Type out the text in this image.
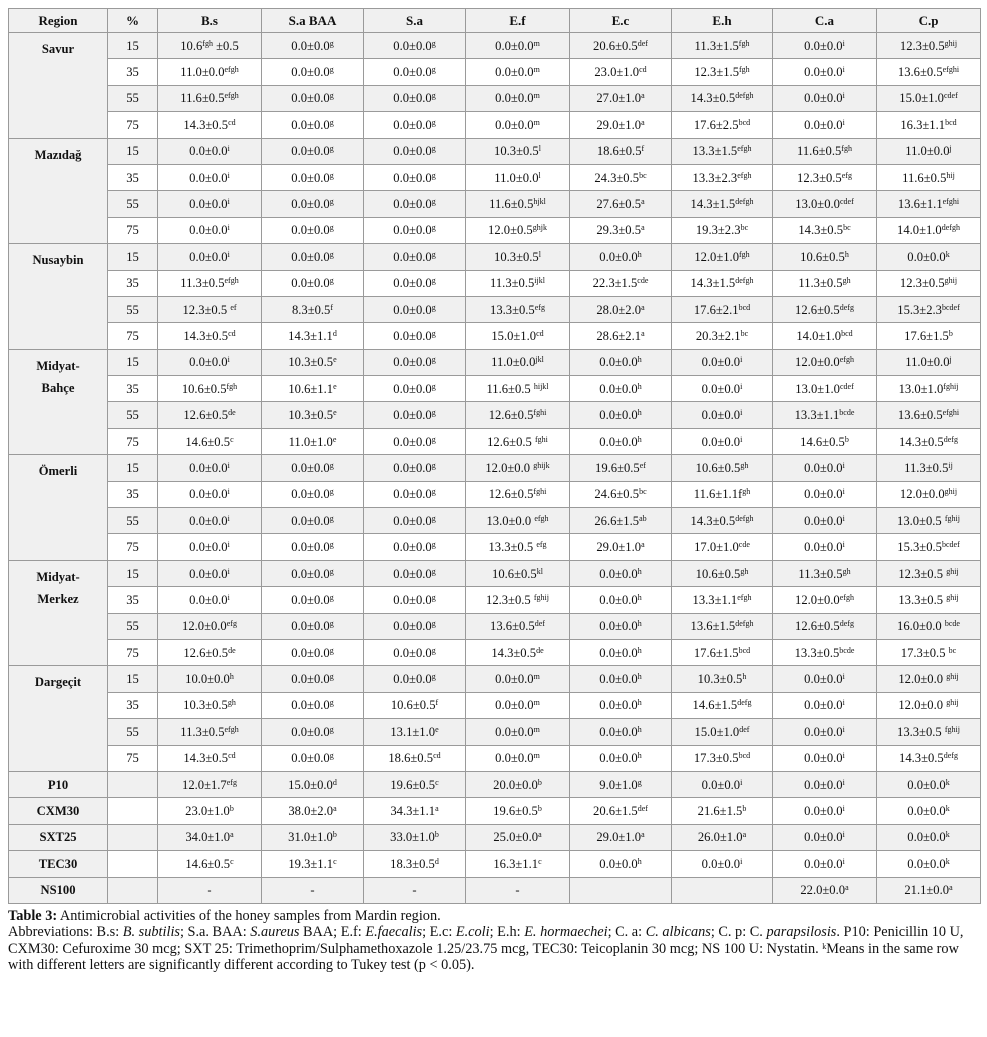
Region	%	B.s	S.a BAA	S.a	E.f	E.c	E.h	C.a	C.p
Savur	15	10.6$^{fgh}$ ±0.5	0.0±0.0$^g$	0.0±0.0$^g$	$0.0\pm 0.0^m$	20.6±0.5$^{def}$	11.3±1.5$^{fgh}$	$0.0\pm 0.0^i$	$12.3\pm 0.5^{ghij}$
	35	$11.0\pm 0.0^{efgh}$	0.0±0.0$^g$	0.0±0.0$^g$	$0.0\pm 0.0^m$	23.0±1.0$^{cd}$	12.3±1.5$^{fgh}$	$0.0\pm 0.0^i$	$13.6\pm 0.5^{efghi}$
	55	$11.6\pm 0.5^{efgh}$	0.0±0.0$^g$	0.0±0.0$^g$	$0.0\pm 0.0^m$	27.0±1.0$^a$	$14.3\pm 0.5^{defgh}$	$0.0\pm 0.0^i$	$15.0\pm 1.0^{cdef}$
	75	14.3±0.5$^{cd}$	0.0±0.0$^g$	0.0±0.0$^g$	$0.0\pm 0.0^m$	29.0±1.0$^a$	17.6±2.5$^{bcd}$	$0.0\pm 0.0^i$	16.3±1.1$^{bcd}$
Mazıdağ	15	$0.0\pm 0.0^i$	0.0±0.0$^g$	0.0±0.0$^g$	$10.3\pm 0.5^l$	18.6±0.5$^f$	$13.3\pm 1.5^{efgh}$	11.6±0.5$^{fgh}$	$11.0\pm 0.0^j$
	35	$0.0\pm 0.0^i$	0.0±0.0$^g$	0.0±0.0$^g$	$11.0\pm 0.0^l$	24.3±0.5$^{bc}$	$13.3\pm 2.3^{efgh}$	12.3±0.5$^{efg}$	$11.6\pm 0.5^{hij}$
	55	$0.0\pm 0.0^i$	0.0±0.0$^g$	0.0±0.0$^g$	$11.6\pm 0.5^{hjkl}$	27.6±0.5$^a$	$14.3\pm 1.5^{defgh}$	$13.0\pm 0.0^{cdef}$	$13.6\pm 1.1^{efghi}$
	75	$0.0\pm 0.0^i$	0.0±0.0$^g$	0.0±0.0$^g$	$12.0\pm 0.5^{ghjk}$	29.3±0.5$^a$	19.3±2.3$^{bc}$	14.3±0.5$^{bc}$	$14.0\pm 1.0^{defgh}$
Nusaybin	15	$0.0\pm 0.0^i$	0.0±0.0$^g$	0.0±0.0$^g$	$10.3\pm 0.5^l$	0.0±0.0$^h$	12.0±1.0$^{fgh}$	10.6±0.5$^h$	$0.0\pm 0.0^k$
	35	$11.3\pm 0.5^{efgh}$	0.0±0.0$^g$	0.0±0.0$^g$	$11.3\pm 0.5^{ijkl}$	22.3±1.5$^{cde}$	$14.3\pm 1.5^{defgh}$	11.3±0.5$^{gh}$	$12.3\pm 0.5^{ghij}$
	55	12.3±0.5 $^{ef}$	8.3±0.5$^f$	0.0±0.0$^g$	13.3±0.5$^{efg}$	28.0±2.0$^a$	17.6±2.1$^{bcd}$	$12.6\pm 0.5^{defg}$	$15.3\pm 2.3^{bcdef}$
	75	14.3±0.5$^{cd}$	14.3±1.1$^d$	0.0±0.0$^g$	15.0±1.0$^{cd}$	28.6±2.1$^a$	20.3±2.1$^{bc}$	14.0±1.0$^{bcd}$	17.6±1.5$^b$
Midyat-
Bahçe	15	$0.0\pm 0.0^i$	10.3±0.5$^e$	0.0±0.0$^g$	$11.0\pm 0.0^{jkl}$	0.0±0.0$^h$	$0.0\pm 0.0^i$	$12.0\pm 0.0^{efgh}$	$11.0\pm 0.0^j$
	35	10.6±0.5$^{fgh}$	10.6±1.1$^e$	0.0±0.0$^g$	11.6±0.5 $^{hijkl}$	0.0±0.0$^h$	$0.0\pm 0.0^i$	$13.0\pm 1.0^{cdef}$	$13.0\pm 1.0^{fghij}$
	55	12.6±0.5de	10.3±0.5$^e$	0.0±0.0$^g$	$12.6\pm 0.5^{fghi}$	0.0±0.0$^h$	$0.0\pm 0.0^i$	$13.3\pm 1.1^{bcde}$	$13.6\pm 0.5^{efghi}$
	75	14.6±0.5$^c$	11.0±1.0$^e$	0.0±0.0$^g$	12.6±0.5 $^{fghi}$	0.0±0.0$^h$	$0.0\pm 0.0^i$	14.6±0.5$^b$	$14.3\pm 0.5^{defg}$
Ömerli	15	$0.0\pm 0.0^i$	0.0±0.0$^g$	0.0±0.0$^g$	12.0±0.0 $^{ghijk}$	19.6±0.5$^{ef}$	10.6±0.5$^{gh}$	$0.0\pm 0.0^i$	$11.3\pm 0.5^{ij}$
	35	$0.0\pm 0.0^i$	0.0±0.0$^g$	0.0±0.0$^g$	$12.6\pm 0.5^{fghi}$	24.6±0.5$^{bc}$	$11.6\pm 1.1f^{gh}$	$0.0\pm 0.0^i$	$12.0\pm 0.0^{ghij}$
	55	$0.0\pm 0.0^i$	0.0±0.0$^g$	0.0±0.0$^g$	13.0±0.0 $^{efgh}$	26.6±1.5$^{ab}$	$14.3\pm 0.5^{defgh}$	$0.0\pm 0.0^i$	13.0±0.5 $^{fghij}$
	75	$0.0\pm 0.0^i$	0.0±0.0$^g$	0.0±0.0$^g$	13.3±0.5 $^{efg}$	29.0±1.0$^a$	17.0±1.0$^{cde}$	$0.0\pm 0.0^i$	$15.3\pm 0.5^{bcdef}$
Midyat-
Merkez	15	$0.0\pm 0.0^i$	0.0±0.0$^g$	0.0±0.0$^g$	$10.6\pm 0.5^{kl}$	0.0±0.0$^h$	10.6±0.5$^{gh}$	11.3±0.5$^{gh}$	12.3±0.5 $^{ghij}$
	35	$0.0\pm 0.0^i$	0.0±0.0$^g$	0.0±0.0$^g$	12.3±0.5 $^{fghij}$	0.0±0.0$^h$	$13.3\pm 1.1^{efgh}$	$12.0\pm 0.0^{efgh}$	13.3±0.5 $^{ghij}$
	55	12.0±0.0$^{efg}$	0.0±0.0$^g$	0.0±0.0$^g$	13.6±0.5$^{def}$	0.0±0.0$^h$	$13.6\pm 1.5^{defgh}$	$12.6\pm 0.5^{defg}$	16.0±0.0 $^{bcde}$
	75	12.6±0.5de	0.0±0.0$^g$	0.0±0.0$^g$	14.3±0.5de	0.0±0.0$^h$	17.6±1.5$^{bcd}$	$13.3\pm 0.5^{bcde}$	17.3±0.5 $^{bc}$
Dargeçit	15	10.0±0.0$^h$	0.0±0.0$^g$	0.0±0.0$^g$	$0.0\pm 0.0^m$	0.0±0.0$^h$	10.3±0.5$^h$	$0.0\pm 0.0^i$	12.0±0.0 $^{ghij}$
	35	10.3±0.5$^{gh}$	0.0±0.0$^g$	10.6±0.5$^f$	$0.0\pm 0.0^m$	0.0±0.0$^h$	$14.6\pm 1.5^{defg}$	$0.0\pm 0.0^i$	12.0±0.0 $^{ghij}$
	55	$11.3\pm 0.5^{efgh}$	0.0±0.0$^g$	13.1±1.0$^e$	$0.0\pm 0.0^m$	0.0±0.0$^h$	15.0±1.0$^{def}$	$0.0\pm 0.0^i$	13.3±0.5 $^{fghij}$
	75	14.3±0.5$^{cd}$	0.0±0.0$^g$	18.6±0.5$^{cd}$	$0.0\pm 0.0^m$	0.0±0.0$^h$	17.3±0.5$^{bcd}$	$0.0\pm 0.0^i$	$14.3\pm 0.5^{defg}$
P10		12.0±1.7$^{efg}$	15.0±0.0$^d$	19.6±0.5$^c$	20.0±0.0$^b$	9.0±1.0$^g$	$0.0\pm 0.0^i$	$0.0\pm 0.0^i$	$0.0\pm 0.0^k$
CXM30		23.0±1.0$^b$	38.0±2.0$^a$	34.3±1.1$^a$	19.6±0.5$^b$	20.6±1.5$^{def}$	21.6±1.5$^b$	$0.0\pm 0.0^i$	$0.0\pm 0.0^k$
SXT25		34.0±1.0$^a$	31.0±1.0$^b$	33.0±1.0$^b$	25.0±0.0$^a$	29.0±1.0$^a$	26.0±1.0$^a$	$0.0\pm 0.0^i$	$0.0\pm 0.0^k$
TEC30		14.6±0.5$^c$	19.3±1.1$^c$	18.3±0.5$^d$	16.3±1.1$^c$	0.0±0.0$^h$	$0.0\pm 0.0^i$	$0.0\pm 0.0^i$	$0.0\pm 0.0^k$
NS100		-	-	-	-			22.0±0.0$^a$	21.1±0.0$^a$
Table 3: Antimicrobial activities of the honey samples from Mardin region.
Abbreviations: B.s: B. subtilis; S.a. BAA: S.aureus BAA; E.f: E.faecalis; E.c: E.coli; E.h: E. hormaechei; C. a: C. albicans; C. p: C. parapsilosis. P10: Penicillin 10 U, CXM30: Cefuroxime 30 mcg; SXT 25: Trimethoprim/Sulphamethoxazole 1.25/23.75 mcg, TEC30: Teicoplanin 30 mcg; NS 100 U: Nystatin. $^k$Means in the same row with different letters are significantly different according to Tukey test (p < 0.05).
